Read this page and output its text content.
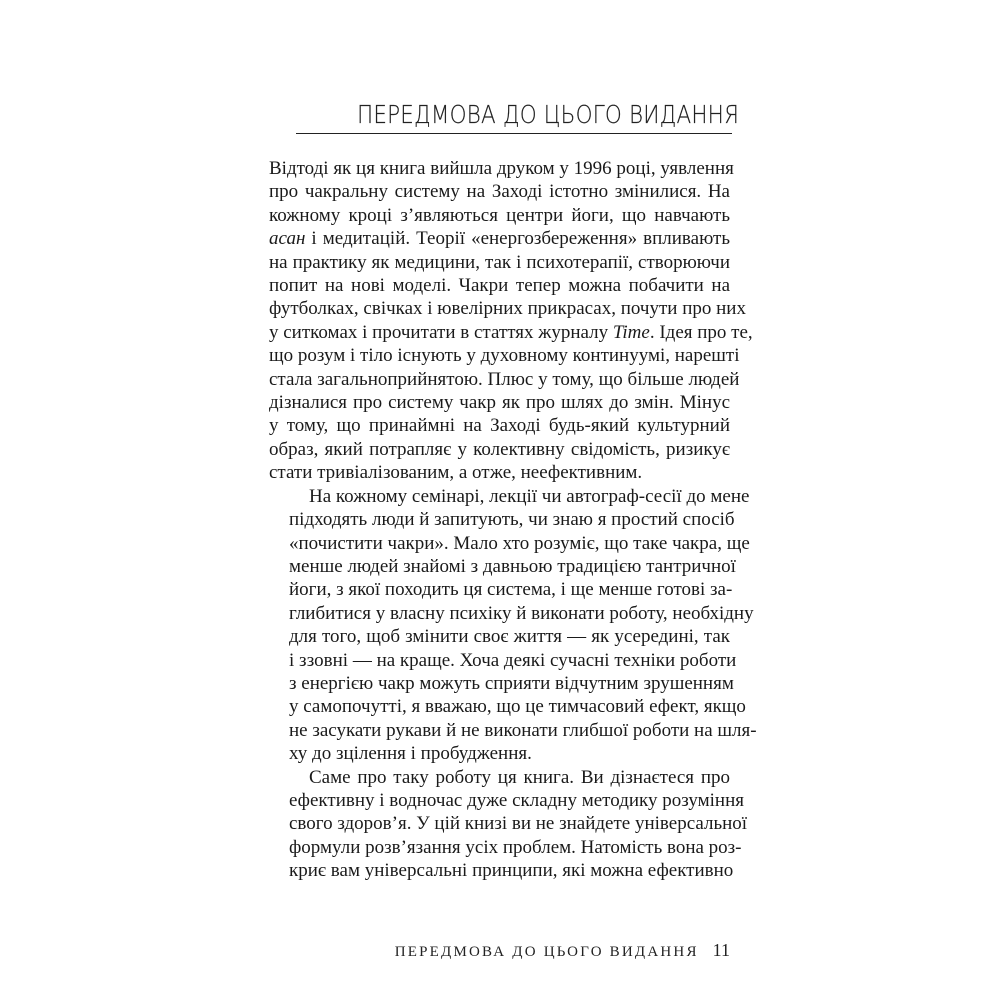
ПЕРЕДМОВА ДО ЦЬОГО ВИДАННЯ

Відтоді як ця книга вийшла друком у 1996 році, уявлення
про чакральну систему на Заході істотно змінилися. На
кожному кроці з’являються центри йоги, що навчають
асан і медитацій. Теорії «енергозбереження» впливають
на практику як медицини, так і психотерапії, створюючи
попит на нові моделі. Чакри тепер можна побачити на
футболках, свічках і ювелірних прикрасах, почути про них
у ситкомах і прочитати в статтях журналу Time. Ідея про те,
що розум і тіло існують у духовному континуумі, нарешті
стала загальноприйнятою. Плюс у тому, що більше людей
дізналися про систему чакр як про шлях до змін. Мінус
у тому, що принаймні на Заході будь-який культурний
образ, який потрапляє у колективну свідомість, ризикує
стати тривіалізованим, а отже, неефективним.

На кожному семінарі, лекції чи автограф-сесії до мене
підходять люди й запитують, чи знаю я простий спосіб
«почистити чакри». Мало хто розуміє, що таке чакра, ще
менше людей знайомі з давньою традицією тантричної
йоги, з якої походить ця система, і ще менше готові за-
глибитися у власну психіку й виконати роботу, необхідну
для того, щоб змінити своє життя — як усередині, так
і ззовні — на краще. Хоча деякі сучасні техніки роботи
з енергією чакр можуть сприяти відчутним зрушенням
у самопочутті, я вважаю, що це тимчасовий ефект, якщо
не засукати рукави й не виконати глибшої роботи на шля-
ху до зцілення і пробудження.

Саме про таку роботу ця книга. Ви дізнаєтеся про
ефективну і водночас дуже складну методику розуміння
свого здоров’я. У цій книзі ви не знайдете універсальної
формули розв’язання усіх проблем. Натомість вона роз-
криє вам універсальні принципи, які можна ефективно

ПЕРЕДМОВА ДО ЦЬОГО ВИДАННЯ 11
